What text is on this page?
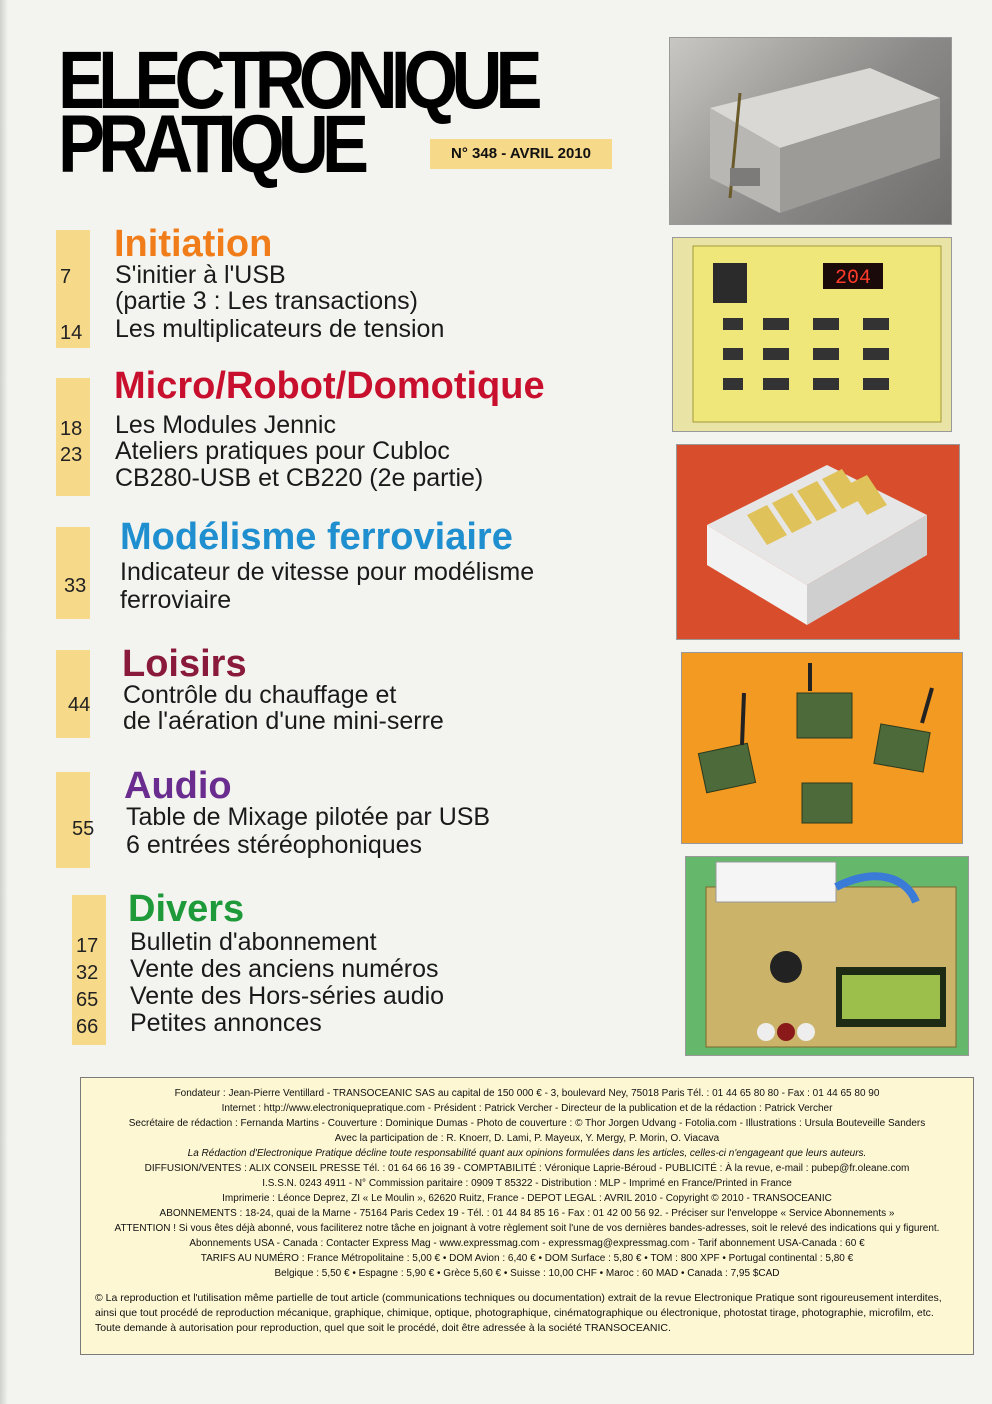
ELECTRONIQUE
PRATIQUE	N° 348 - AVRIL 2010
Initiation
7	S'initier à l'USB
(partie 3 : Les transactions)
14	Les multiplicateurs de tension
Micro/Robot/Domotique
18	Les Modules Jennic
23	Ateliers pratiques pour Cubloc
CB280-USB et CB220 (2e partie)
Modélisme ferroviaire
33	Indicateur de vitesse pour modélisme
ferroviaire
Loisirs
44	Contrôle du chauffage et
de l'aération d'une mini-serre
Audio
55	Table de Mixage pilotée par USB
6 entrées stéréophoniques
Divers
17	Bulletin d'abonnement
32	Vente des anciens numéros
65	Vente des Hors-séries audio
66	Petites annonces
204

Fondateur : Jean-Pierre Ventillard - TRANSOCEANIC SAS au capital de 150 000 € - 3, boulevard Ney, 75018 Paris Tél. : 01 44 65 80 80 - Fax : 01 44 65 80 90

Internet : http://www.electroniquepratique.com - Président : Patrick Vercher - Directeur de la publication et de la rédaction : Patrick Vercher

Secrétaire de rédaction : Fernanda Martins - Couverture : Dominique Dumas - Photo de couverture : © Thor Jorgen Udvang - Fotolia.com - Illustrations : Ursula Bouteveille Sanders

Avec la participation de : R. Knoerr, D. Lami, P. Mayeux, Y. Mergy, P. Morin, O. Viacava

La Rédaction d'Electronique Pratique décline toute responsabilité quant aux opinions formulées dans les articles, celles-ci n'engageant que leurs auteurs.

DIFFUSION/VENTES : ALIX CONSEIL PRESSE Tél. : 01 64 66 16 39 - COMPTABILITÉ : Véronique Laprie-Béroud - PUBLICITÉ : À la revue, e-mail : pubep@fr.oleane.com

I.S.S.N. 0243 4911 - N° Commission paritaire : 0909 T 85322 - Distribution : MLP - Imprimé en France/Printed in France

Imprimerie : Léonce Deprez, ZI « Le Moulin », 62620 Ruitz, France - DEPOT LEGAL : AVRIL 2010 - Copyright © 2010 - TRANSOCEANIC

ABONNEMENTS : 18-24, quai de la Marne - 75164 Paris Cedex 19 - Tél. : 01 44 84 85 16 - Fax : 01 42 00 56 92. - Préciser sur l'enveloppe « Service Abonnements »

ATTENTION ! Si vous êtes déjà abonné, vous faciliterez notre tâche en joignant à votre règlement soit l'une de vos dernières bandes-adresses, soit le relevé des indications qui y figurent.

Abonnements USA - Canada : Contacter Express Mag - www.expressmag.com - expressmag@expressmag.com - Tarif abonnement USA-Canada : 60 €

TARIFS AU NUMÉRO : France Métropolitaine : 5,00 € • DOM Avion : 6,40 € • DOM Surface : 5,80 € • TOM : 800 XPF • Portugal continental : 5,80 €

Belgique : 5,50 € • Espagne : 5,90 € • Grèce 5,60 € • Suisse : 10,00 CHF • Maroc : 60 MAD • Canada : 7,95 $CAD

© La reproduction et l'utilisation même partielle de tout article (communications techniques ou documentation) extrait de la revue Electronique Pratique sont rigoureusement interdites, ainsi que tout procédé de reproduction mécanique, graphique, chimique, optique, photographique, cinématographique ou électronique, photostat tirage, photographie, microfilm, etc. Toute demande à autorisation pour reproduction, quel que soit le procédé, doit être adressée à la société TRANSOCEANIC.
